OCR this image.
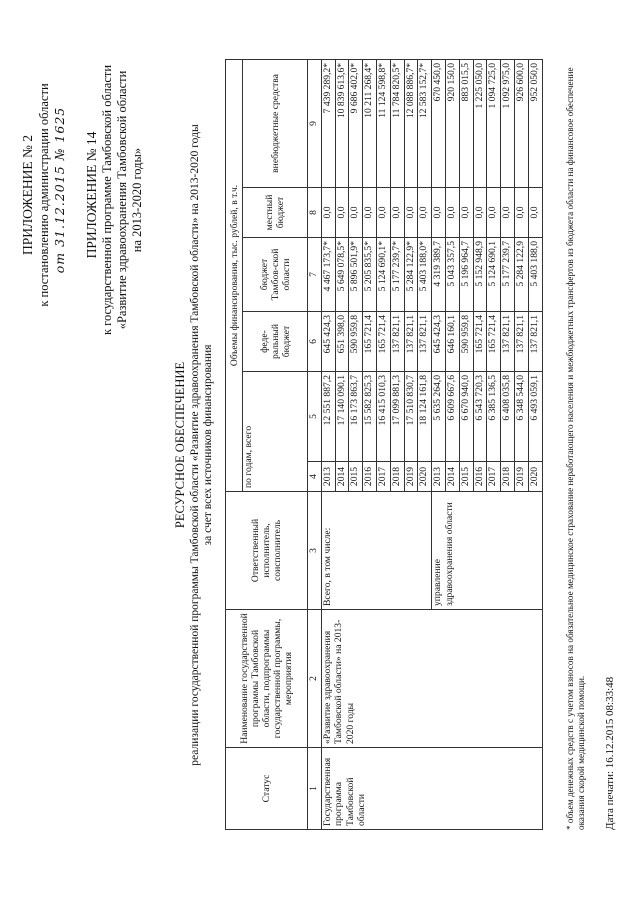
ПРИЛОЖЕНИЕ № 2 к постановлению администрации области от 31.12.2015 № 1625 ПРИЛОЖЕНИЕ № 14 к государственной программе Тамбовской области «Развитие здравоохранения Тамбовской области на 2013-2020 годы»
РЕСУРСНОЕ ОБЕСПЕЧЕНИЕ реализации государственной программы Тамбовской области «Развитие здравоохранения Тамбовской области» на 2013-2020 годы за счет всех источников финансирования
Статус	Наименование государственной программы Тамбовской области, подпрограммы государственной программы, мероприятия	Ответственный исполнитель, соисполнитель	Объемы финансирования, тыс. рублей, в т.ч.					
			по годам, всего		феде-ральный бюджет	бюджет Тамбов-ской области	местный бюджет	внебюджетные средства
1	2	3	4	5	6	7	8	9
Государственная программа Тамбовской области	«Развитие здравоохранения Тамбовской области» на 2013-2020 годы	Всего, в том числе:	2013	12 551 887,2	645 424,3	4 467 173,7*	0,0	7 439 289,2*
			2014	17 140 090,1	651 398,0	5 649 078,5*	0,0	10 839 613,6*
			2015	16 173 863,7	590 959,8	5 896 501,9*	0,0	9 686 402,0*
			2016	15 582 825,3	165 721,4	5 205 835,5*	0,0	10 211 268,4*
			2017	16 415 010,3	165 721,4	5 124 690,1*	0,0	11 124 598,8*
			2018	17 099 881,3	137 821,1	5 177 239,7*	0,0	11 784 820,5*
			2019	17 510 830,7	137 821,1	5 284 122,9*	0,0	12 088 886,7*
			2020	18 124 161,8	137 821,1	5 403 188,0*	0,0	12 583 152,7*
		управление здравоохранения области	2013	5 635 264,0	645 424,3	4 319 389,7	0,0	670 450,0
			2014	6 609 667,6	646 160,1	5 043 357,5	0,0	920 150,0
			2015	6 670 940,0	590 959,8	5 196 964,7	0,0	883 015,5
			2016	6 543 720,3	165 721,4	5 152 948,9	0,0	1 225 050,0
			2017	6 385 136,5	165 721,4	5 124 690,1	0,0	1 094 725,0
			2018	6 408 035,8	137 821,1	5 177 239,7	0,0	1 092 975,0
			2019	6 348 544,0	137 821,1	5 284 122,9	0,0	926 600,0
			2020	6 493 059,1	137 821,1	5 403 188,0	0,0	952 050,0	* объем денежных средств с учетом взносов на обязательное медицинское страхование неработающего населения и межбюджетных трансфертов из бюджета области на финансовое обеспечение оказания скорой медицинской помощи. Дата печати: 16.12.2015 08:33:48
